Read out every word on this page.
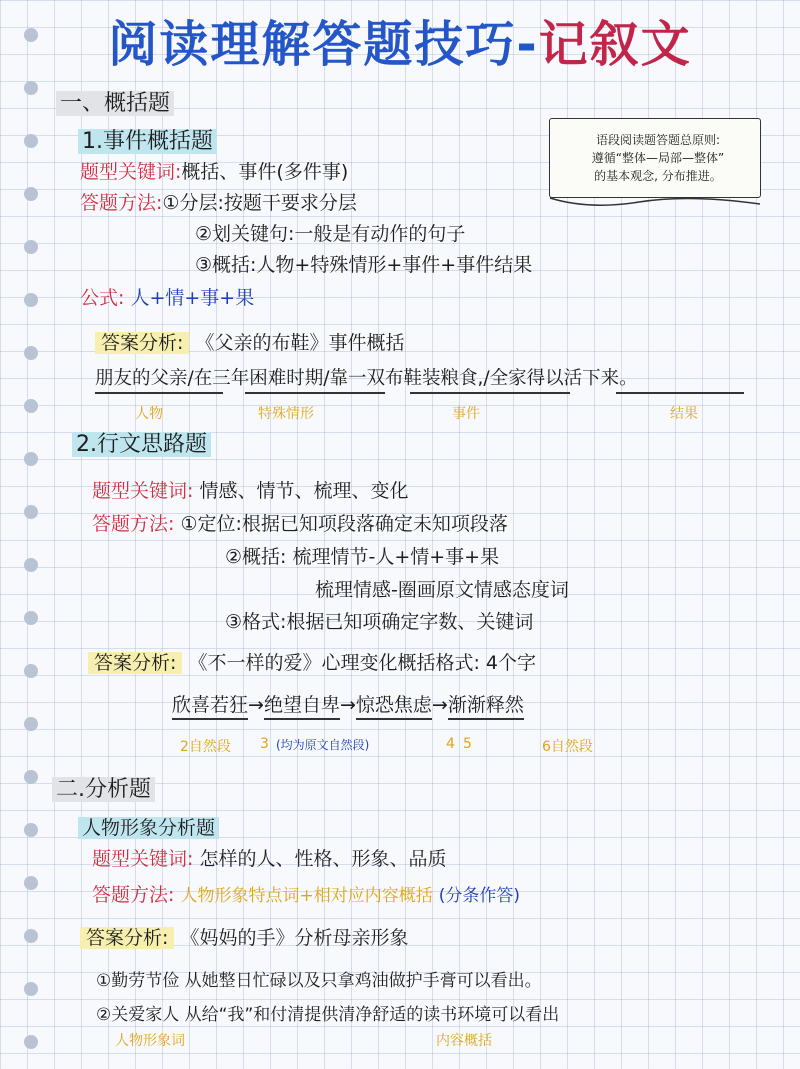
阅读理解答题技巧-记叙文
一、概括题
1.事件概括题	语段阅读题答题总原则:
遵循“整体—局部—整体”
的基本观念, 分布推进。
题型关键词:概括、事件(多件事)
答题方法:①分层:按题干要求分层
②划关键句:一般是有动作的句子
③概括:人物+特殊情形+事件+事件结果
公式: 人+情+事+果
答案分析: 《父亲的布鞋》事件概括
朋友的父亲/在三年困难时期/靠一双布鞋装粮食,/全家得以活下来。
人物	特殊情形	事件	结果
2.行文思路题
题型关键词: 情感、情节、梳理、变化
答题方法: ①定位:根据已知项段落确定未知项段落
②概括: 梳理情节-人+情+事+果
梳理情感-圈画原文情感态度词
③格式:根据已知项确定字数、关键词
答案分析: 《不一样的爱》心理变化概括格式: 4个字
欣喜若狂→绝望自卑→惊恐焦虑→渐渐释然
2自然段 3 (均为原文自然段)	4 5	6自然段
二.分析题
人物形象分析题
题型关键词: 怎样的人、性格、形象、品质
答题方法: 人物形象特点词+相对应内容概括 (分条作答)
答案分析: 《妈妈的手》分析母亲形象
①勤劳节俭 从她整日忙碌以及只拿鸡油做护手膏可以看出。
②关爱家人 从给“我”和付清提供清净舒适的读书环境可以看出
人物形象词	内容概括
